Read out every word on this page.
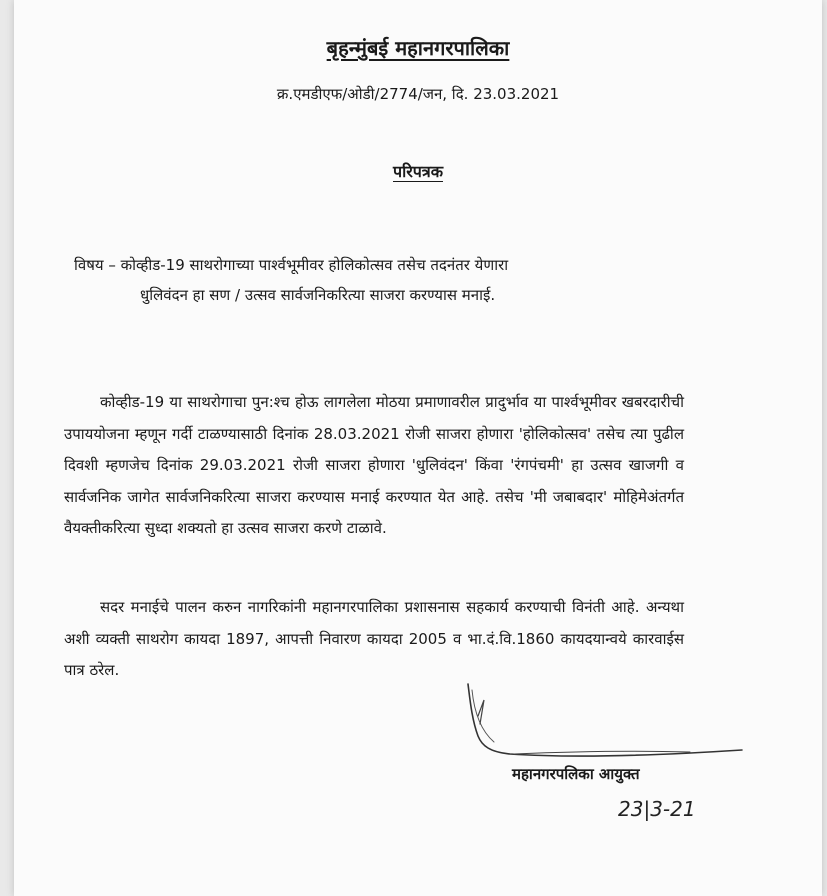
बृहन्मुंबई महानगरपालिका
क्र.एमडीएफ/ओडी/2774/जन, दि. 23.03.2021
परिपत्रक
विषय – कोव्हीड-19 साथरोगाच्या पार्श्वभूमीवर होलिकोत्सव तसेच तदनंतर येणारा
धुलिवंदन हा सण / उत्सव सार्वजनिकरित्या साजरा करण्यास मनाई.

कोव्हीड-19 या साथरोगाचा पुन:श्च होऊ लागलेला मोठया प्रमाणावरील प्रादुर्भाव या पार्श्वभूमीवर खबरदारीची उपाययोजना म्हणून गर्दी टाळण्यासाठी दिनांक 28.03.2021 रोजी साजरा होणारा 'होलिकोत्सव' तसेच त्या पुढील दिवशी म्हणजेच दिनांक 29.03.2021 रोजी साजरा होणारा 'धुलिवंदन' किंवा 'रंगपंचमी' हा उत्सव खाजगी व सार्वजनिक जागेत सार्वजनिकरित्या साजरा करण्यास मनाई करण्यात येत आहे. तसेच 'मी जबाबदार' मोहिमेअंतर्गत वैयक्तीकरित्या सुध्दा शक्यतो हा उत्सव साजरा करणे टाळावे.

सदर मनाईचे पालन करुन नागरिकांनी महानगरपालिका प्रशासनास सहकार्य करण्याची विनंती आहे. अन्यथा अशी व्यक्ती साथरोग कायदा 1897, आपत्ती निवारण कायदा 2005 व भा.दं.वि.1860 कायदयान्वये कारवाईस पात्र ठरेल.

महानगरपलिका आयुक्त
23|3-21
